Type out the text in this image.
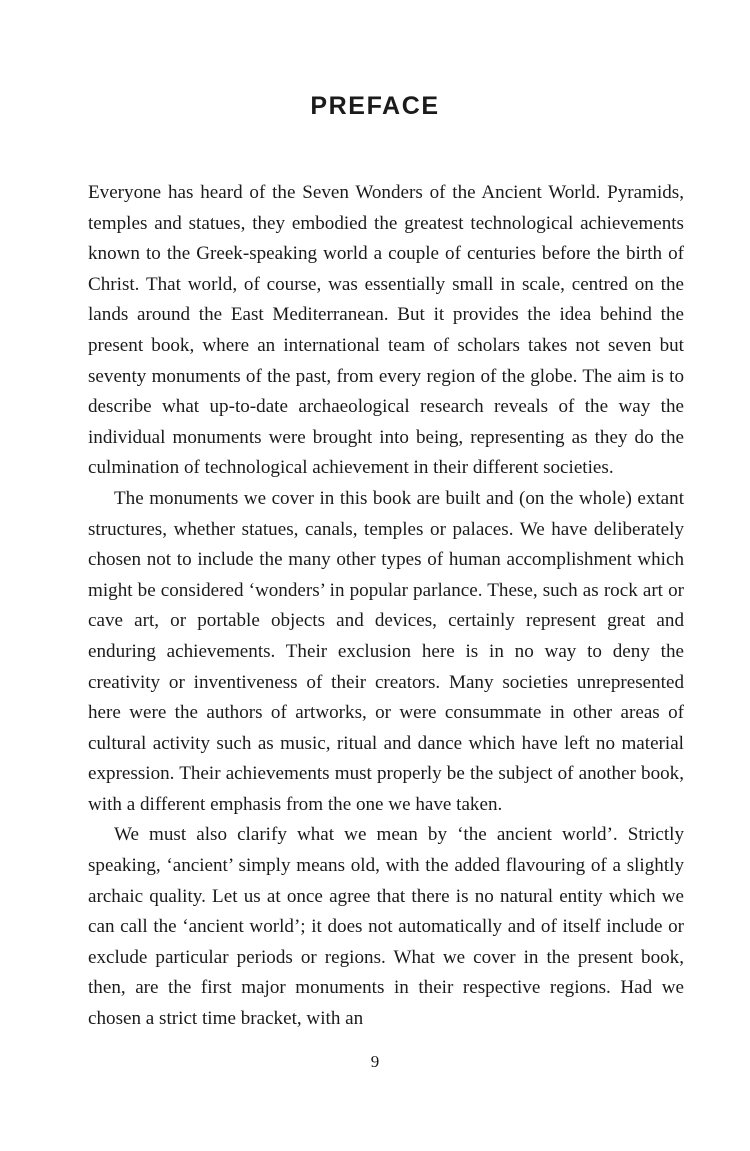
PREFACE

Everyone has heard of the Seven Wonders of the Ancient World. Pyramids, temples and statues, they embodied the greatest technological achievements known to the Greek-speaking world a couple of centuries before the birth of Christ. That world, of course, was essentially small in scale, centred on the lands around the East Mediterranean. But it provides the idea behind the present book, where an international team of scholars takes not seven but seventy monuments of the past, from every region of the globe. The aim is to describe what up-to-date archaeological research reveals of the way the individual monuments were brought into being, representing as they do the culmination of technological achievement in their different societies.

The monuments we cover in this book are built and (on the whole) extant structures, whether statues, canals, temples or palaces. We have deliberately chosen not to include the many other types of human accomplishment which might be considered ‘wonders’ in popular parlance. These, such as rock art or cave art, or portable objects and devices, certainly represent great and enduring achievements. Their exclusion here is in no way to deny the creativity or inventiveness of their creators. Many societies unrepresented here were the authors of artworks, or were consummate in other areas of cultural activity such as music, ritual and dance which have left no material expression. Their achievements must properly be the subject of another book, with a different emphasis from the one we have taken.

We must also clarify what we mean by ‘the ancient world’. Strictly speaking, ‘ancient’ simply means old, with the added flavouring of a slightly archaic quality. Let us at once agree that there is no natural entity which we can call the ‘ancient world’; it does not automatically and of itself include or exclude particular periods or regions. What we cover in the present book, then, are the first major monuments in their respective regions. Had we chosen a strict time bracket, with an

9
